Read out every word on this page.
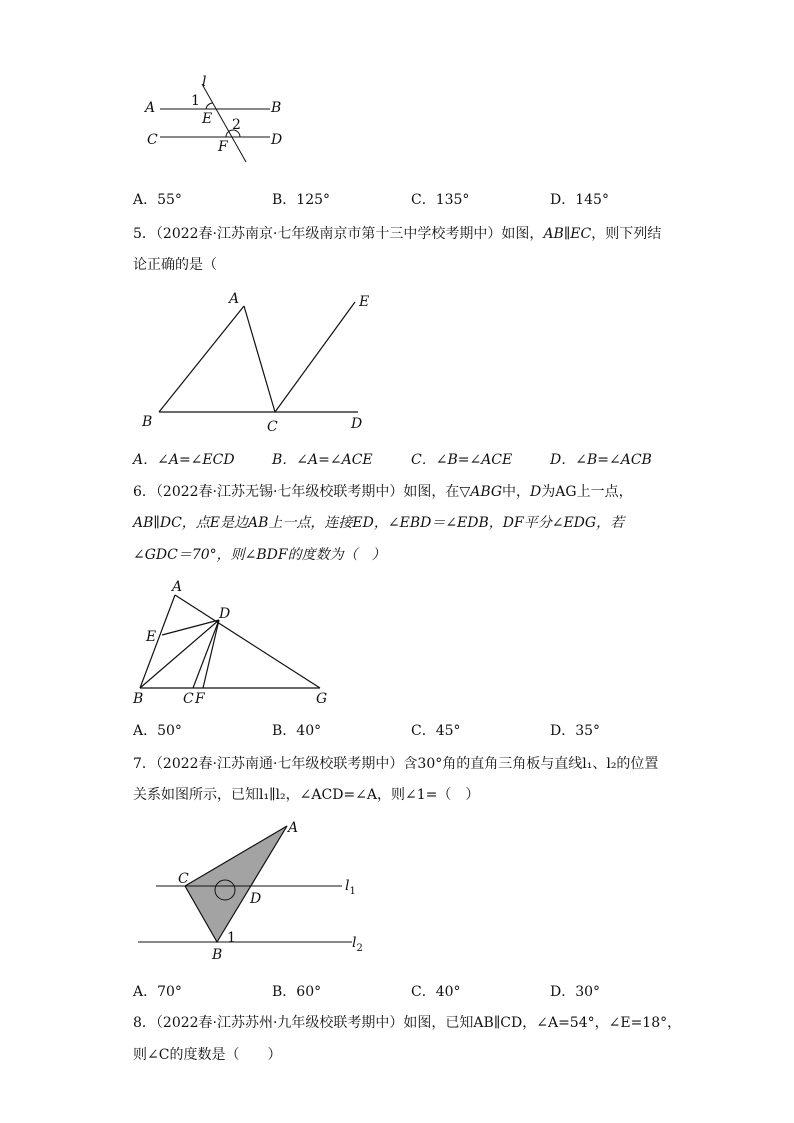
l
A	B
C	D
E
F
1
2
A．55°	B．125°	C．135°	D．145°
5．（2022春·江苏南京·七年级南京市第十三中学校考期中）如图，AB∥EC，则下列结
论正确的是（
A	E
B	C	D
A．∠A=∠ECD	B．∠A=∠ACE	C．∠B=∠ACE	D．∠B=∠ACB
6．（2022春·江苏无锡·七年级校联考期中）如图，在▽ABG中，D为AG上一点，
AB∥DC，点E是边AB上一点，连接ED，∠EBD＝∠EDB，DF平分∠EDG，若
∠GDC＝70°，则∠BDF的度数为（　）
A
D
E
B	C F	G
A．50°	B．40°	C．45°	D．35°
7．（2022春·江苏南通·七年级校联考期中）含30°角的直角三角板与直线l₁、l₂的位置
关系如图所示，已知l₁∥l₂，∠ACD=∠A，则∠1=（　）
A
C
D
B
1
$l_1$
$l_2$
A．70°	B．60°	C．40°	D．30°
8．（2022春·江苏苏州·九年级校联考期中）如图，已知AB∥CD，∠A=54°，∠E=18°，
则∠C的度数是（　　）
